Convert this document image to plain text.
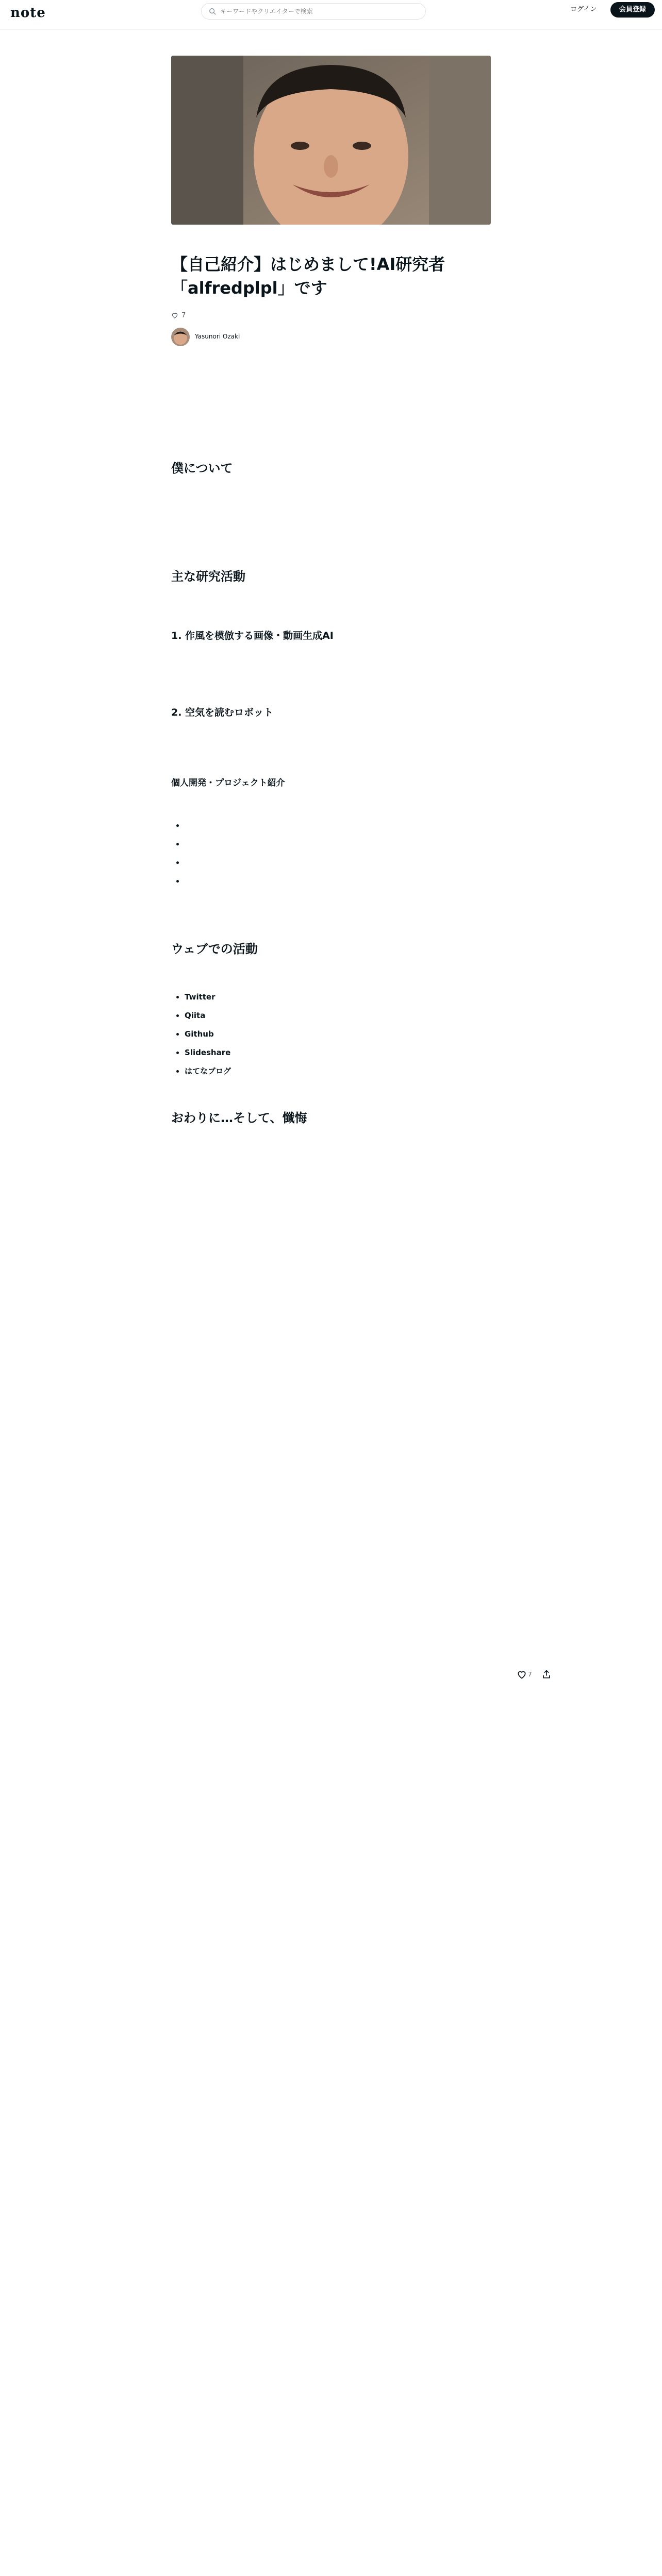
note
キーワードやクリエイターで検索	ログイン	会員登録
【自己紹介】はじめまして!AI研究者「alfredplpl」です
7
Yasunori Ozaki

僕について

主な研究活動

1. 作風を模倣する画像・動画生成AI

2. 空気を読むロボット

個人開発・プロジェクト紹介

•
•
•
•

ウェブでの活動

• Twitter
• Qiita
• Github
• Slideshare
• はてなブログ
おわりに…そして、懺悔

7
